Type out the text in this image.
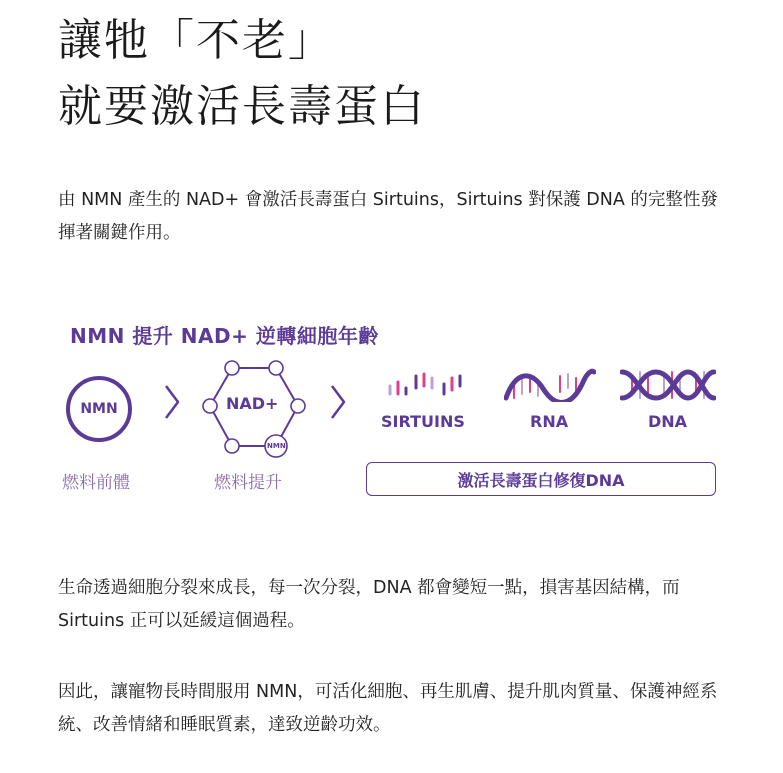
讓牠「不老」
就要激活長壽蛋白

由 NMN 產生的 NAD+ 會激活長壽蛋白 Sirtuins，Sirtuins 對保護 DNA 的完整性發揮著關鍵作用。

NMN 提升 NAD+ 逆轉細胞年齡
NMN	NAD+
NMN
SIRTUINS	RNA	DNA
燃料前體	燃料提升	激活長壽蛋白修復DNA

生命透過細胞分裂來成長，每一次分裂，DNA 都會變短一點，損害基因結構，而 Sirtuins 正可以延緩這個過程。

因此，讓寵物長時間服用 NMN，可活化細胞、再生肌膚、提升肌肉質量、保護神經系統、改善情緒和睡眠質素，達致逆齡功效。
